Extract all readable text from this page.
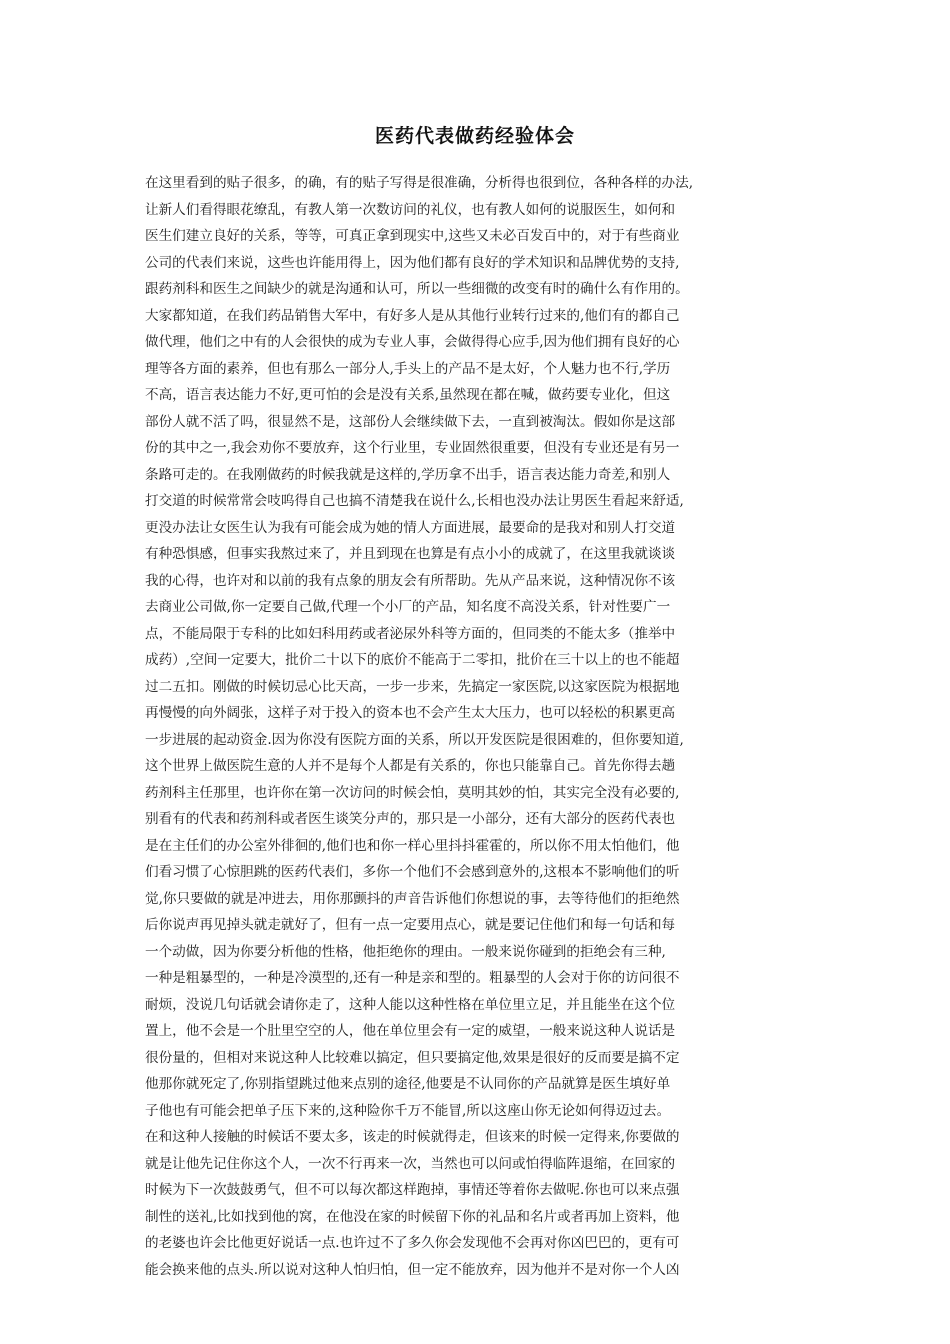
医药代表做药经验体会
在这里看到的贴子很多，的确，有的贴子写得是很准确，分析得也很到位，各种各样的办法,
让新人们看得眼花缭乱，有教人第一次数访问的礼仪，也有教人如何的说服医生，如何和
医生们建立良好的关系，等等，可真正拿到现实中,这些又未必百发百中的，对于有些商业
公司的代表们来说，这些也许能用得上，因为他们都有良好的学术知识和品牌优势的支持,
跟药剂科和医生之间缺少的就是沟通和认可，所以一些细微的改变有时的确什么有作用的。
大家都知道，在我们药品销售大军中，有好多人是从其他行业转行过来的,他们有的都自己
做代理，他们之中有的人会很快的成为专业人事，会做得得心应手,因为他们拥有良好的心
理等各方面的素养，但也有那么一部分人,手头上的产品不是太好，个人魅力也不行,学历
不高，语言表达能力不好,更可怕的会是没有关系,虽然现在都在喊，做药要专业化，但这
部份人就不活了吗，很显然不是，这部份人会继续做下去，一直到被淘汰。假如你是这部
份的其中之一,我会劝你不要放弃，这个行业里，专业固然很重要，但没有专业还是有另一
条路可走的。在我刚做药的时候我就是这样的,学历拿不出手，语言表达能力奇差,和别人
打交道的时候常常会吱呜得自己也搞不清楚我在说什么,长相也没办法让男医生看起来舒适,
更没办法让女医生认为我有可能会成为她的情人方面进展，最要命的是我对和别人打交道
有种恐惧感，但事实我熬过来了，并且到现在也算是有点小小的成就了，在这里我就谈谈
我的心得，也许对和以前的我有点象的朋友会有所帮助。先从产品来说，这种情况你不该
去商业公司做,你一定要自己做,代理一个小厂的产品，知名度不高没关系，针对性要广一
点，不能局限于专科的比如妇科用药或者泌尿外科等方面的，但同类的不能太多（推举中
成药）,空间一定要大，批价二十以下的底价不能高于二零扣，批价在三十以上的也不能超
过二五扣。刚做的时候切忌心比天高，一步一步来，先搞定一家医院,以这家医院为根据地
再慢慢的向外阔张，这样子对于投入的资本也不会产生太大压力，也可以轻松的积累更高
一步进展的起动资金.因为你没有医院方面的关系，所以开发医院是很困难的，但你要知道,
这个世界上做医院生意的人并不是每个人都是有关系的，你也只能靠自己。首先你得去趟
药剂科主任那里，也许你在第一次访问的时候会怕，莫明其妙的怕，其实完全没有必要的,
别看有的代表和药剂科或者医生谈笑分声的，那只是一小部分，还有大部分的医药代表也
是在主任们的办公室外徘徊的,他们也和你一样心里抖抖霍霍的，所以你不用太怕他们，他
们看习惯了心惊胆跳的医药代表们，多你一个他们不会感到意外的,这根本不影响他们的听
觉,你只要做的就是冲进去，用你那颤抖的声音告诉他们你想说的事，去等待他们的拒绝然
后你说声再见掉头就走就好了，但有一点一定要用点心，就是要记住他们和每一句话和每
一个动做，因为你要分析他的性格，他拒绝你的理由。一般来说你碰到的拒绝会有三种,
一种是粗暴型的，一种是冷漠型的,还有一种是亲和型的。粗暴型的人会对于你的访问很不
耐烦，没说几句话就会请你走了，这种人能以这种性格在单位里立足，并且能坐在这个位
置上，他不会是一个肚里空空的人，他在单位里会有一定的威望，一般来说这种人说话是
很份量的，但相对来说这种人比较难以搞定，但只要搞定他,效果是很好的反而要是搞不定
他那你就死定了,你别指望跳过他来点别的途径,他要是不认同你的产品就算是医生填好单
子他也有可能会把单子压下来的,这种险你千万不能冒,所以这座山你无论如何得迈过去。
在和这种人接触的时候话不要太多，该走的时候就得走，但该来的时候一定得来,你要做的
就是让他先记住你这个人，一次不行再来一次，当然也可以问或怕得临阵退缩，在回家的
时候为下一次鼓鼓勇气，但不可以每次都这样跑掉，事情还等着你去做呢.你也可以来点强
制性的送礼,比如找到他的窝，在他没在家的时候留下你的礼品和名片或者再加上资料，他
的老婆也许会比他更好说话一点.也许过不了多久你会发现他不会再对你凶巴巴的，更有可
能会换来他的点头.所以说对这种人怕归怕，但一定不能放弃，因为他并不是对你一个人凶
